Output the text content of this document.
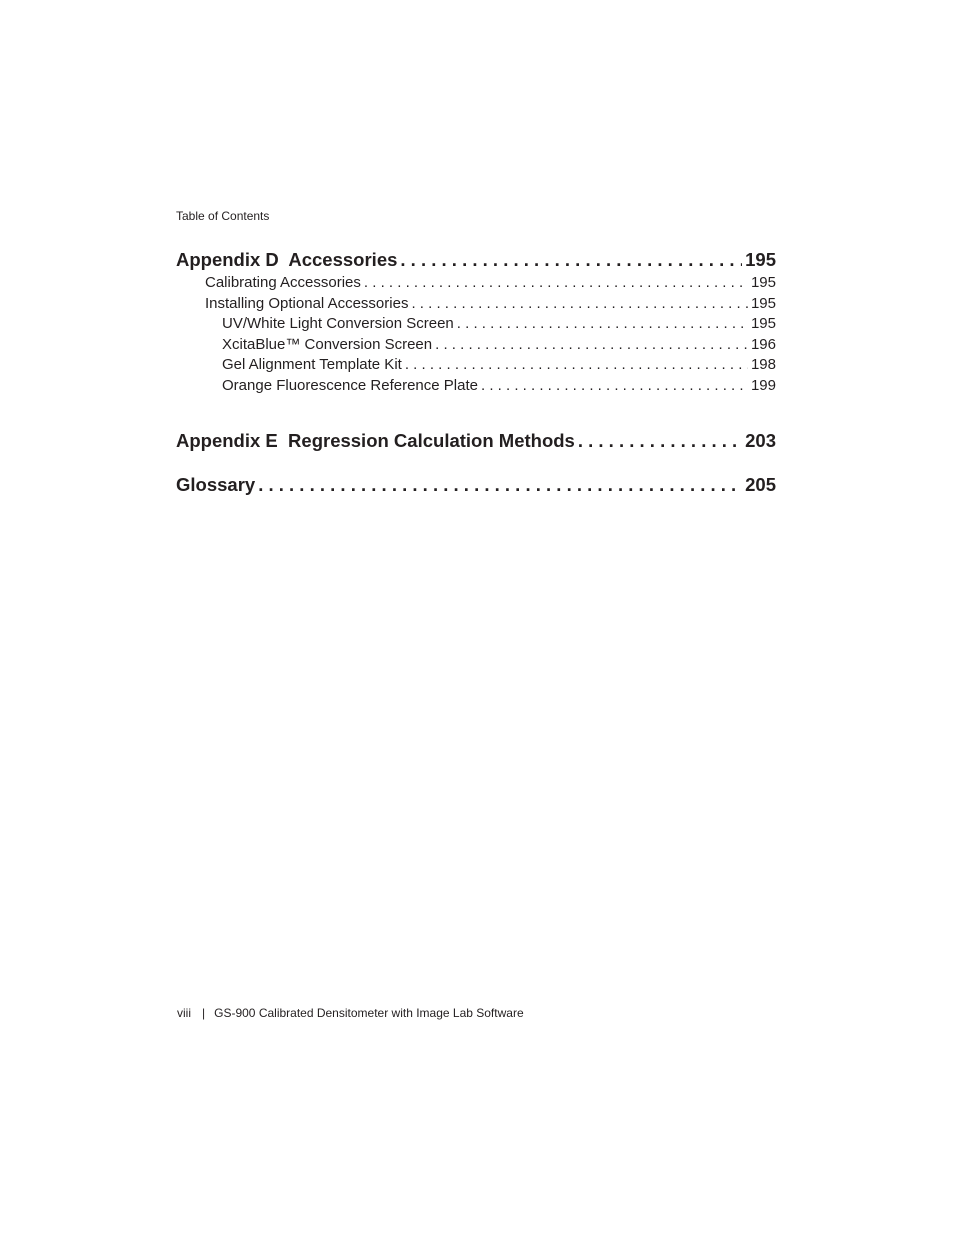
Table of Contents
Appendix D  Accessories . . .	195
Calibrating Accessories . . .	195
Installing Optional Accessories . . .	195
UV/White Light Conversion Screen . . .	195
XcitaBlue™ Conversion Screen . . .	196
Gel Alignment Template Kit . . .	198
Orange Fluorescence Reference Plate . . .	199
Appendix E  Regression Calculation Methods . . .	203
Glossary . . .	205
viii | GS-900 Calibrated Densitometer with Image Lab Software
